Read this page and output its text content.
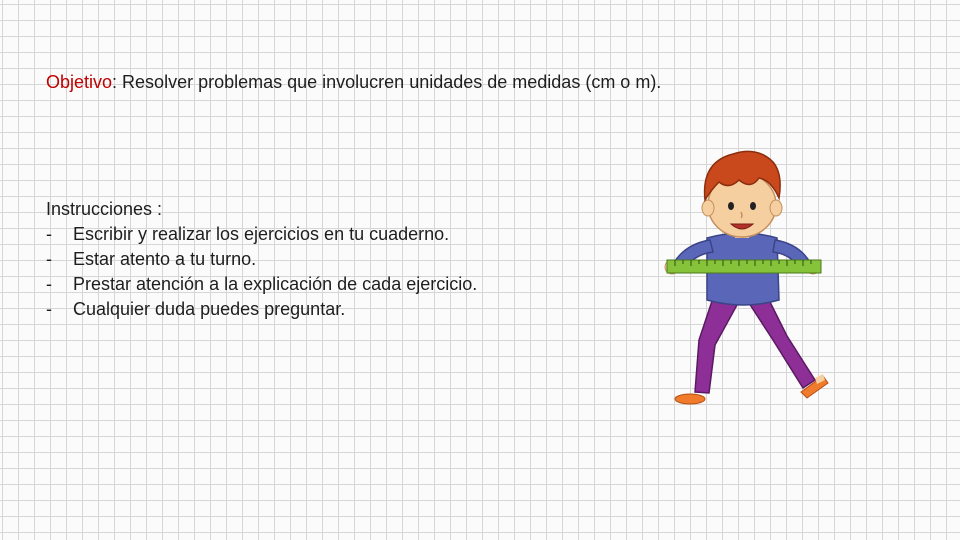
Objetivo: Resolver problemas que involucren unidades de medidas (cm o m).
Instrucciones :
- Escribir y realizar los ejercicios en tu cuaderno.
- Estar atento a tu turno.
- Prestar atención a la explicación de cada ejercicio.
- Cualquier duda puedes preguntar.
